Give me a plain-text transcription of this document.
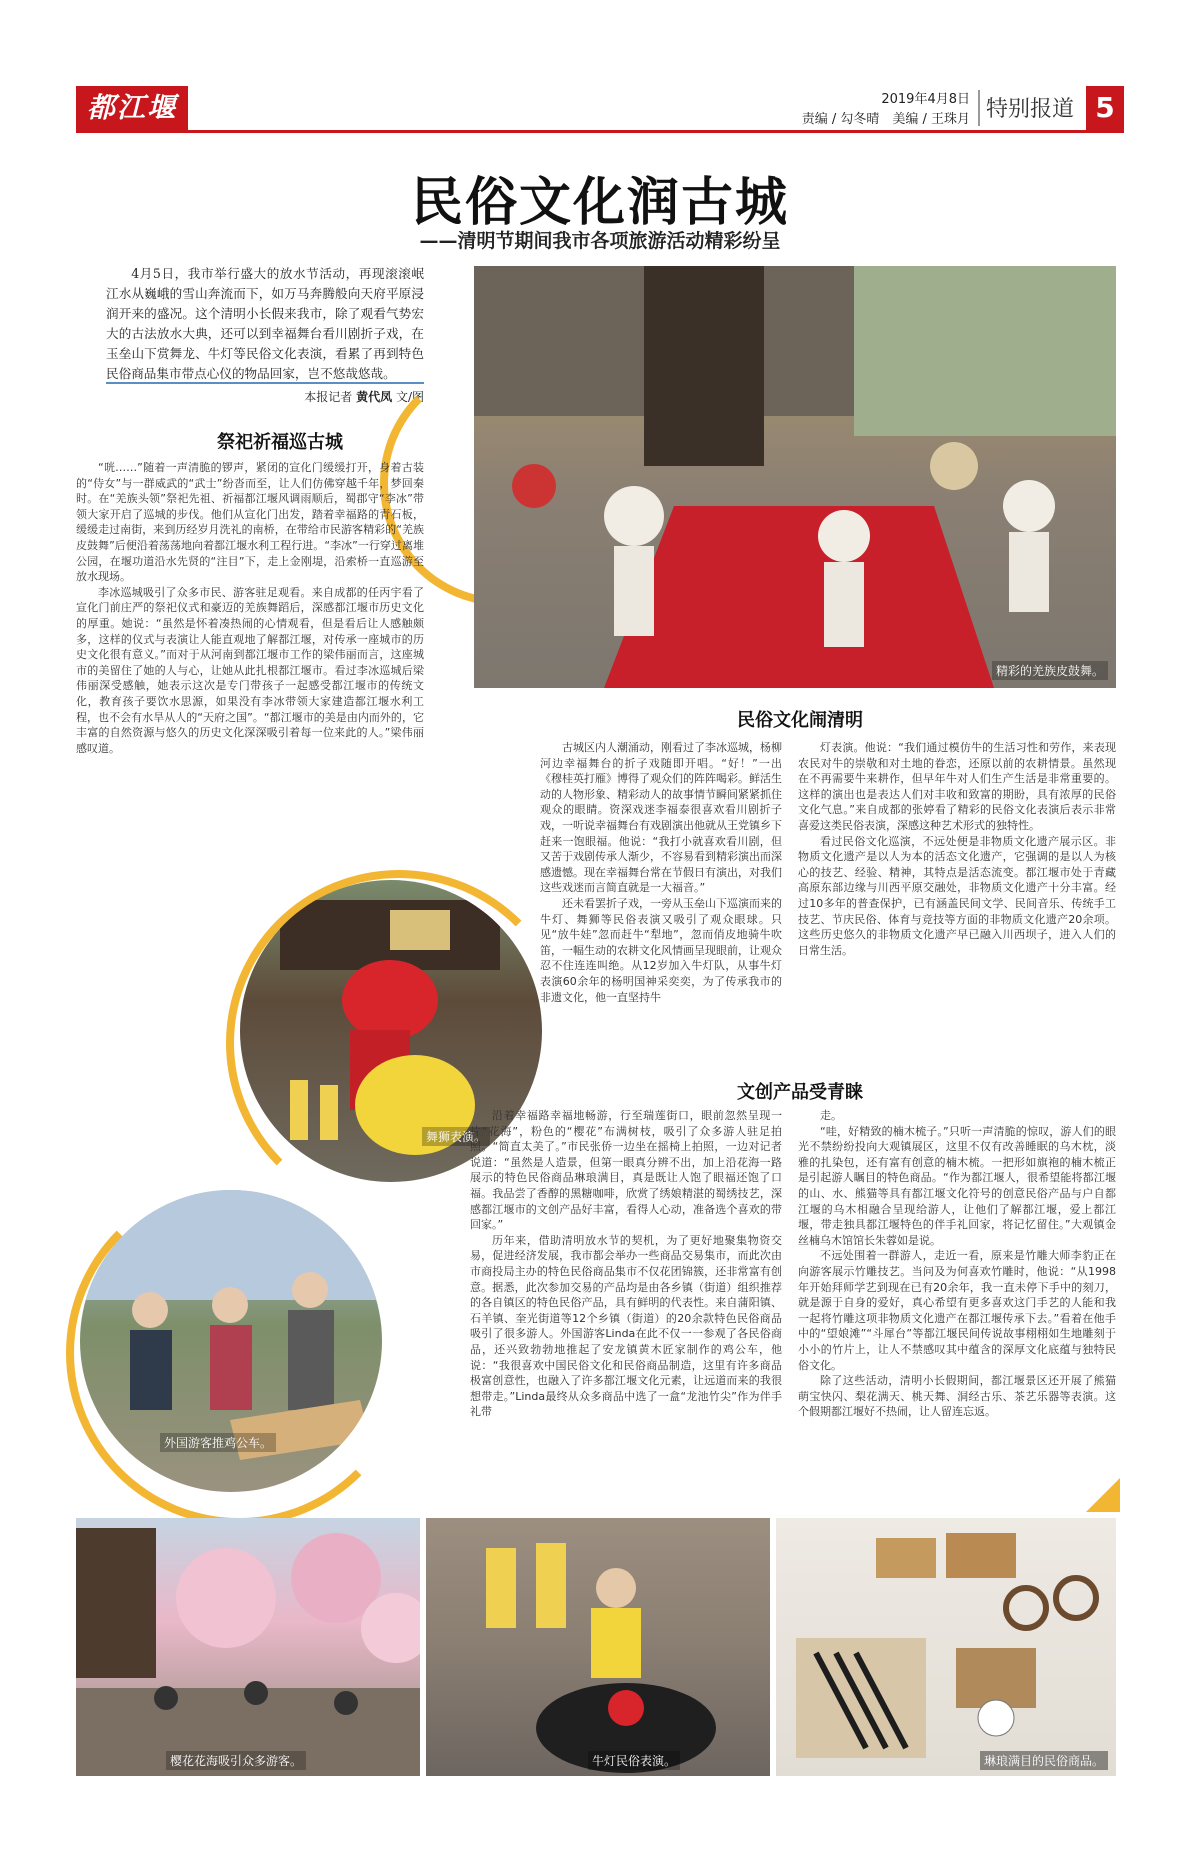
都江堰报
2019年4月8日
责编 / 勾冬晴　美编 / 王珠月 特别报道 5
民俗文化润古城
——清明节期间我市各项旅游活动精彩纷呈
4月5日，我市举行盛大的放水节活动，再现滚滚岷江水从巍峨的雪山奔流而下，如万马奔腾般向天府平原浸润开来的盛况。这个清明小长假来我市，除了观看气势宏大的古法放水大典，还可以到幸福舞台看川剧折子戏，在玉垒山下赏舞龙、牛灯等民俗文化表演，看累了再到特色民俗商品集市带点心仪的物品回家，岂不悠哉悠哉。
本报记者 黄代凤 文/图
精彩的羌族皮鼓舞。
祭祀祈福巡古城

“咣……”随着一声清脆的锣声，紧闭的宣化门缓缓打开，身着古装的“侍女”与一群威武的“武士”纷沓而至，让人们仿佛穿越千年，梦回秦时。在“羌族头领”祭祀先祖、祈福都江堰风调雨顺后，蜀郡守“李冰”带领大家开启了巡城的步伐。他们从宣化门出发，踏着幸福路的青石板，缓缓走过南街，来到历经岁月洗礼的南桥，在带给市民游客精彩的“羌族皮鼓舞”后便沿着荡荡地向着都江堰水利工程行进。“李冰”一行穿过离堆公园，在堰功道沿水先贤的“注目”下，走上金刚堤，沿索桥一直巡游至放水现场。

李冰巡城吸引了众多市民、游客驻足观看。来自成都的任丙宇看了宣化门前庄严的祭祀仪式和豪迈的羌族舞蹈后，深感都江堰市历史文化的厚重。她说：“虽然是怀着凑热闹的心情观看，但是看后让人感触颇多，这样的仪式与表演让人能直观地了解都江堰，对传承一座城市的历史文化很有意义。”而对于从河南到都江堰市工作的梁伟丽而言，这座城市的美留住了她的人与心，让她从此扎根都江堰市。看过李冰巡城后梁伟丽深受感触，她表示这次是专门带孩子一起感受都江堰市的传统文化，教育孩子要饮水思源，如果没有李冰带领大家建造都江堰水利工程，也不会有水旱从人的“天府之国”。“都江堰市的美是由内而外的，它丰富的自然资源与悠久的历史文化深深吸引着每一位来此的人。”梁伟丽感叹道。

民俗文化闹清明

古城区内人潮涌动，刚看过了李冰巡城，杨柳河边幸福舞台的折子戏随即开唱。“好！”一出《穆桂英打雁》博得了观众们的阵阵喝彩。鲜活生动的人物形象、精彩动人的故事情节瞬间紧紧抓住观众的眼睛。资深戏迷李福泰很喜欢看川剧折子戏，一听说幸福舞台有戏剧演出他就从王党镇乡下赶来一饱眼福。他说：“我打小就喜欢看川剧，但又苦于戏剧传承人渐少，不容易看到精彩演出而深感遗憾。现在幸福舞台常在节假日有演出，对我们这些戏迷而言简直就是一大福音。”

还未看罢折子戏，一旁从玉垒山下巡演而来的牛灯、舞狮等民俗表演又吸引了观众眼球。只见“放牛娃”忽而赶牛“犁地”，忽而俏皮地骑牛吹笛，一幅生动的农耕文化风情画呈现眼前，让观众忍不住连连叫绝。从12岁加入牛灯队，从事牛灯表演60余年的杨明国神采奕奕，为了传承我市的非遗文化，他一直坚持牛

灯表演。他说：“我们通过模仿牛的生活习性和劳作，来表现农民对牛的崇敬和对土地的眷恋，还原以前的农耕情景。虽然现在不再需要牛来耕作，但早年牛对人们生产生活是非常重要的。这样的演出也是表达人们对丰收和致富的期盼，具有浓厚的民俗文化气息。”来自成都的张婷看了精彩的民俗文化表演后表示非常喜爱这类民俗表演，深感这种艺术形式的独特性。

看过民俗文化巡演，不远处便是非物质文化遗产展示区。非物质文化遗产是以人为本的活态文化遗产，它强调的是以人为核心的技艺、经验、精神，其特点是活态流变。都江堰市处于青藏高原东部边缘与川西平原交融处，非物质文化遗产十分丰富。经过10多年的普查保护，已有涵盖民间文学、民间音乐、传统手工技艺、节庆民俗、体育与竞技等方面的非物质文化遗产20余项。这些历史悠久的非物质文化遗产早已融入川西坝子，进入人们的日常生活。

舞狮表演。
外国游客推鸡公车。
文创产品受青睐

沿着幸福路幸福地畅游，行至瑞莲街口，眼前忽然呈现一片“花海”，粉色的“樱花”布满树枝，吸引了众多游人驻足拍照。“简直太美了。”市民张侨一边坐在摇椅上拍照，一边对记者说道：“虽然是人造景，但第一眼真分辨不出，加上沿花海一路展示的特色民俗商品琳琅满目，真是既让人饱了眼福还饱了口福。我品尝了香醇的黑糖咖啡，欣赏了绣娘精湛的蜀绣技艺，深感都江堰市的文创产品好丰富，看得人心动，准备选个喜欢的带回家。”

历年来，借助清明放水节的契机，为了更好地聚集物资交易，促进经济发展，我市都会举办一些商品交易集市，而此次由市商投局主办的特色民俗商品集市不仅花团锦簇，还非常富有创意。据悉，此次参加交易的产品均是由各乡镇（街道）组织推荐的各自镇区的特色民俗产品，具有鲜明的代表性。来自蒲阳镇、石羊镇、奎光街道等12个乡镇（街道）的20余款特色民俗商品吸引了很多游人。外国游客Linda在此不仅一一参观了各民俗商品，还兴致勃勃地推起了安龙镇黄木匠家制作的鸡公车，他说：“我很喜欢中国民俗文化和民俗商品制造，这里有许多商品极富创意性，也融入了许多都江堰文化元素，让远道而来的我很想带走。”Linda最终从众多商品中选了一盒“龙池竹尖”作为伴手礼带

走。

“哇，好精致的楠木梳子。”只听一声清脆的惊叹，游人们的眼光不禁纷纷投向大观镇展区，这里不仅有改善睡眠的乌木枕，淡雅的扎染包，还有富有创意的楠木梳。一把形如旗袍的楠木梳正是引起游人瞩目的特色商品。“作为都江堰人，很希望能将都江堰的山、水、熊猫等具有都江堰文化符号的创意民俗产品与户自都江堰的乌木相融合呈现给游人，让他们了解都江堰，爱上都江堰，带走独具都江堰特色的伴手礼回家，将记忆留住。”大观镇金丝楠乌木馆馆长朱蓉如是说。

不远处围着一群游人，走近一看，原来是竹雕大师李豹正在向游客展示竹雕技艺。当问及为何喜欢竹雕时，他说：“从1998年开始拜师学艺到现在已有20余年，我一直未停下手中的刻刀，就是源于自身的爱好，真心希望有更多喜欢这门手艺的人能和我一起将竹雕这项非物质文化遗产在都江堰传承下去。”看着在他手中的“望娘滩”“斗犀台”等都江堰民间传说故事栩栩如生地雕刻于小小的竹片上，让人不禁感叹其中蕴含的深厚文化底蕴与独特民俗文化。

除了这些活动，清明小长假期间，都江堰景区还开展了熊猫萌宝快闪、梨花满天、桃天舞、洞经古乐、茶艺乐器等表演。这个假期都江堰好不热闹，让人留连忘返。

樱花花海吸引众多游客。	牛灯民俗表演。	琳琅满目的民俗商品。
